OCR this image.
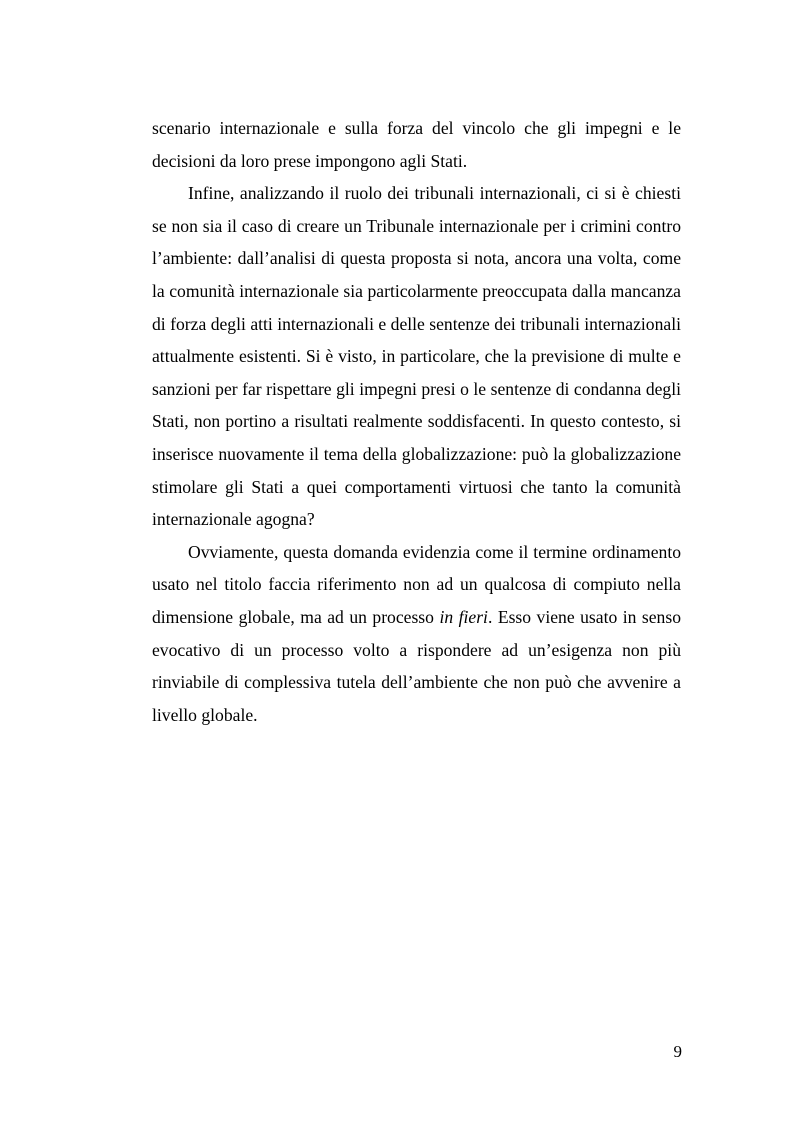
scenario internazionale e sulla forza del vincolo che gli impegni e le decisioni da loro prese impongono agli Stati.

Infine, analizzando il ruolo dei tribunali internazionali, ci si è chiesti se non sia il caso di creare un Tribunale internazionale per i crimini contro l’ambiente: dall’analisi di questa proposta si nota, ancora una volta, come la comunità internazionale sia particolarmente preoccupata dalla mancanza di forza degli atti internazionali e delle sentenze dei tribunali internazionali attualmente esistenti. Si è visto, in particolare, che la previsione di multe e sanzioni per far rispettare gli impegni presi o le sentenze di condanna degli Stati, non portino a risultati realmente soddisfacenti. In questo contesto, si inserisce nuovamente il tema della globalizzazione: può la globalizzazione stimolare gli Stati a quei comportamenti virtuosi che tanto la comunità internazionale agogna?

Ovviamente, questa domanda evidenzia come il termine ordinamento usato nel titolo faccia riferimento non ad un qualcosa di compiuto nella dimensione globale, ma ad un processo in fieri. Esso viene usato in senso evocativo di un processo volto a rispondere ad un’esigenza non più rinviabile di complessiva tutela dell’ambiente che non può che avvenire a livello globale.

9
